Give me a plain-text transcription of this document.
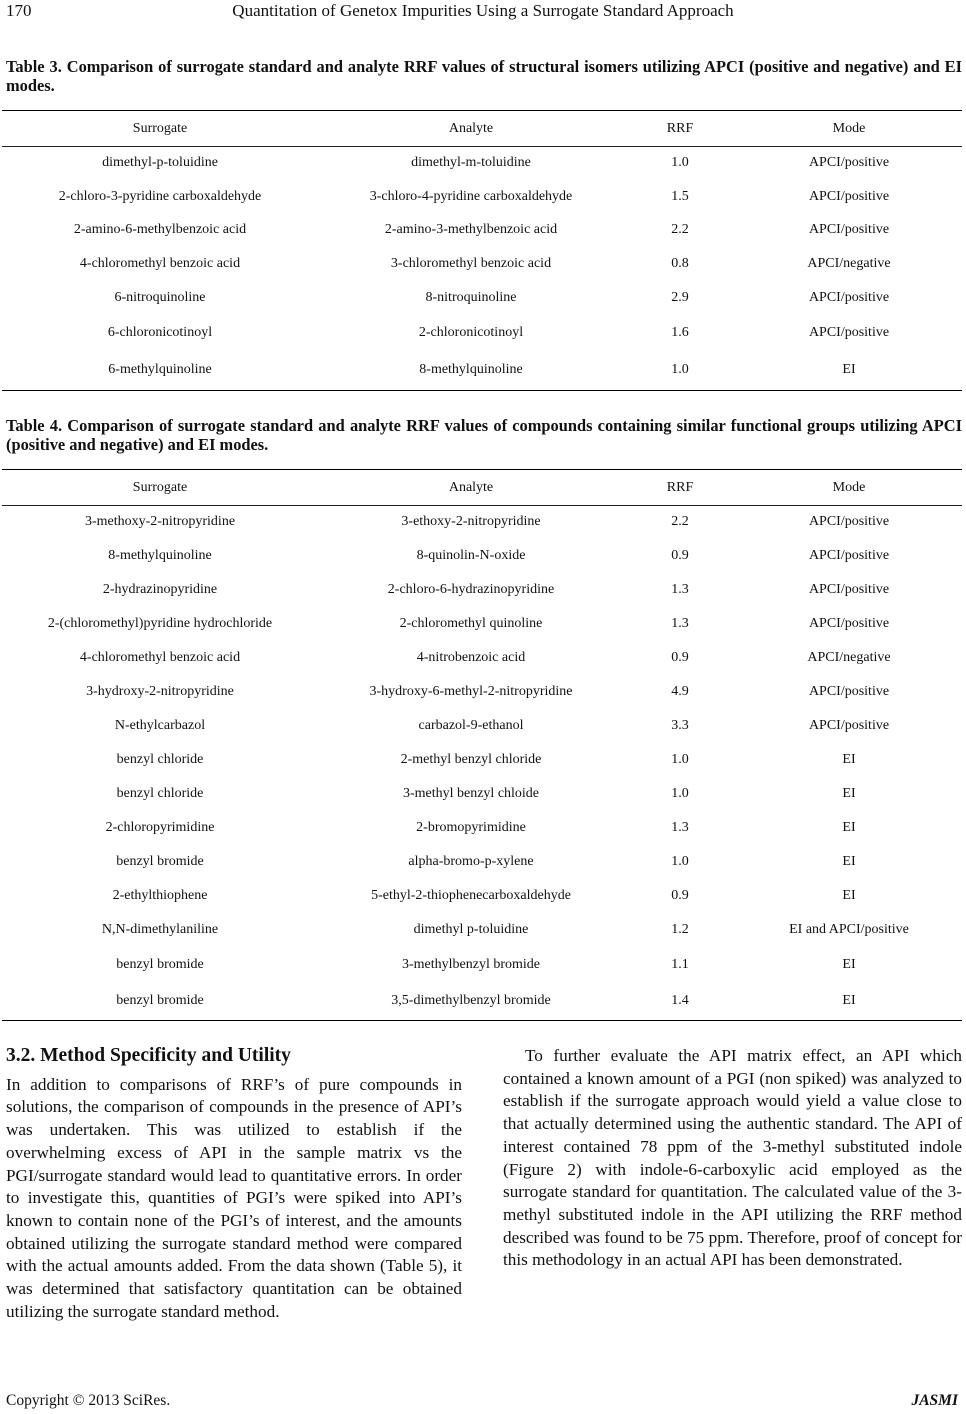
170	Quantitation of Genetox Impurities Using a Surrogate Standard Approach
Table 3. Comparison of surrogate standard and analyte RRF values of structural isomers utilizing APCI (positive and negative) and EI modes.
Surrogate	Analyte	RRF	Mode
dimethyl-p-toluidine	dimethyl-m-toluidine	1.0	APCI/positive
2-chloro-3-pyridine carboxaldehyde	3-chloro-4-pyridine carboxaldehyde	1.5	APCI/positive
2-amino-6-methylbenzoic acid	2-amino-3-methylbenzoic acid	2.2	APCI/positive
4-chloromethyl benzoic acid	3-chloromethyl benzoic acid	0.8	APCI/negative
6-nitroquinoline	8-nitroquinoline	2.9	APCI/positive
6-chloronicotinoyl	2-chloronicotinoyl	1.6	APCI/positive
6-methylquinoline	8-methylquinoline	1.0	EI
Table 4. Comparison of surrogate standard and analyte RRF values of compounds containing similar functional groups utilizing APCI (positive and negative) and EI modes.
Surrogate	Analyte	RRF	Mode
3-methoxy-2-nitropyridine	3-ethoxy-2-nitropyridine	2.2	APCI/positive
8-methylquinoline	8-quinolin-N-oxide	0.9	APCI/positive
2-hydrazinopyridine	2-chloro-6-hydrazinopyridine	1.3	APCI/positive
2-(chloromethyl)pyridine hydrochloride	2-chloromethyl quinoline	1.3	APCI/positive
4-chloromethyl benzoic acid	4-nitrobenzoic acid	0.9	APCI/negative
3-hydroxy-2-nitropyridine	3-hydroxy-6-methyl-2-nitropyridine	4.9	APCI/positive
N-ethylcarbazol	carbazol-9-ethanol	3.3	APCI/positive
benzyl chloride	2-methyl benzyl chloride	1.0	EI
benzyl chloride	3-methyl benzyl chloide	1.0	EI
2-chloropyrimidine	2-bromopyrimidine	1.3	EI
benzyl bromide	alpha-bromo-p-xylene	1.0	EI
2-ethylthiophene	5-ethyl-2-thiophenecarboxaldehyde	0.9	EI
N,N-dimethylaniline	dimethyl p-toluidine	1.2	EI and APCI/positive
benzyl bromide	3-methylbenzyl bromide	1.1	EI
benzyl bromide	3,5-dimethylbenzyl bromide	1.4	EI
3.2. Method Specificity and Utility

In addition to comparisons of RRF’s of pure compounds in solutions, the comparison of compounds in the presence of API’s was undertaken. This was utilized to establish if the overwhelming excess of API in the sample matrix vs the PGI/surrogate standard would lead to quantitative errors. In order to investigate this, quantities of PGI’s were spiked into API’s known to contain none of the PGI’s of interest, and the amounts obtained utilizing the surrogate standard method were compared with the actual amounts added. From the data shown (Table 5), it was determined that satisfactory quantitation can be obtained utilizing the surrogate standard method.

To further evaluate the API matrix effect, an API which contained a known amount of a PGI (non spiked) was analyzed to establish if the surrogate approach would yield a value close to that actually determined using the authentic standard. The API of interest contained 78 ppm of the 3-methyl substituted indole (Figure 2) with indole-6-carboxylic acid employed as the surrogate standard for quantitation. The calculated value of the 3-methyl substituted indole in the API utilizing the RRF method described was found to be 75 ppm. Therefore, proof of concept for this methodology in an actual API has been demonstrated.

Copyright © 2013 SciRes.	JASMI
